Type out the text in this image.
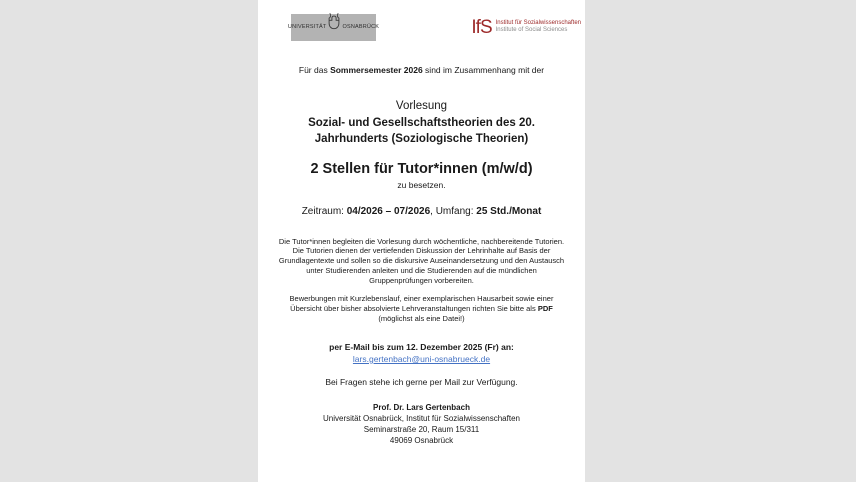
UNIVERSITÄT	OSNABRÜCK	IfS Institut für Sozialwissenschaften
Institute of Social Sciences
Für das Sommersemester 2026 sind im Zusammenhang mit der
Vorlesung
Sozial- und Gesellschaftstheorien des 20.
Jahrhunderts (Soziologische Theorien)
2 Stellen für Tutor*innen (m/w/d)
zu besetzen.
Zeitraum: 04/2026 – 07/2026, Umfang: 25 Std./Monat
Die Tutor*innen begleiten die Vorlesung durch wöchentliche, nachbereitende Tutorien. Die Tutorien dienen der vertiefenden Diskussion der Lehrinhalte auf Basis der Grundlagentexte und sollen so die diskursive Auseinandersetzung und den Austausch unter Studierenden anleiten und die Studierenden auf die mündlichen Gruppenprüfungen vorbereiten.
Bewerbungen mit Kurzlebenslauf, einer exemplarischen Hausarbeit sowie einer Übersicht über bisher absolvierte Lehrveranstaltungen richten Sie bitte als PDF (möglichst als eine Datei!)
per E-Mail bis zum 12. Dezember 2025 (Fr) an:
lars.gertenbach@uni-osnabrueck.de
Bei Fragen stehe ich gerne per Mail zur Verfügung.
Prof. Dr. Lars Gertenbach
Universität Osnabrück, Institut für Sozialwissenschaften
Seminarstraße 20, Raum 15/311
49069 Osnabrück
